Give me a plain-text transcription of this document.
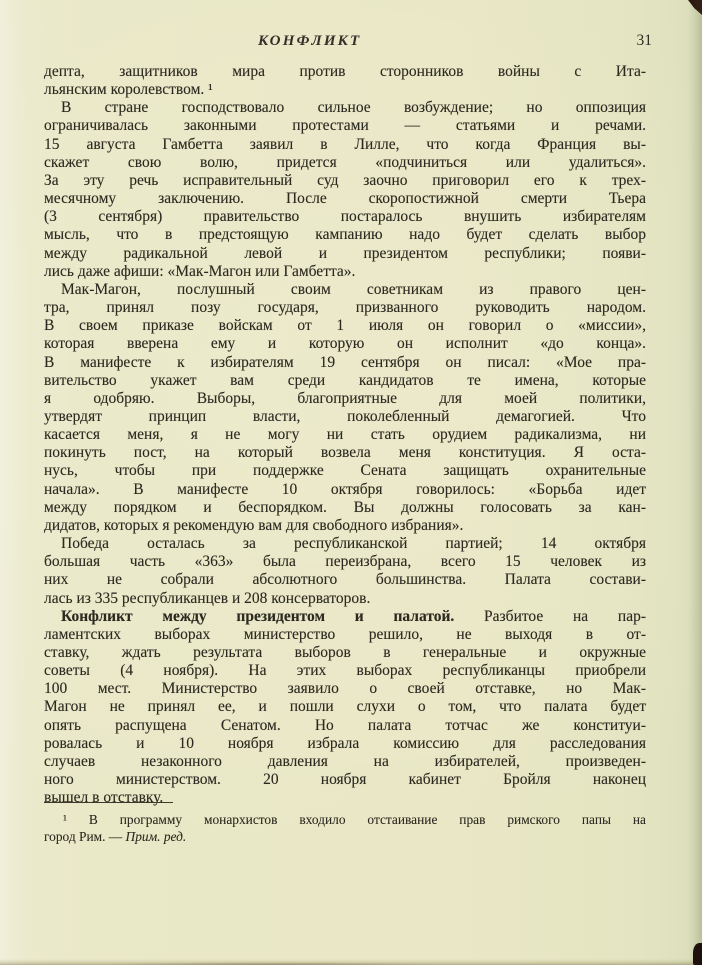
КОНФЛИКТ	31
депта, защитников мира против сторонников войны с Ита-
льянским королевством. ¹
В стране господствовало сильное возбуждение; но оппозиция
ограничивалась законными протестами — статьями и речами.
15 августа Гамбетта заявил в Лилле, что когда Франция вы-
скажет свою волю, придется «подчиниться или удалиться».
За эту речь исправительный суд заочно приговорил его к трех-
месячному заключению. После скоропостижной смерти Тьера
(3 сентября) правительство постаралось внушить избирателям
мысль, что в предстоящую кампанию надо будет сделать выбор
между радикальной левой и президентом республики; появи-
лись даже афиши: «Мак-Магон или Гамбетта».
Мак-Магон, послушный своим советникам из правого цен-
тра, принял позу государя, призванного руководить народом.
В своем приказе войскам от 1 июля он говорил о «миссии»,
которая вверена ему и которую он исполнит «до конца».
В манифесте к избирателям 19 сентября он писал: «Мое пра-
вительство укажет вам среди кандидатов те имена, которые
я одобряю. Выборы, благоприятные для моей политики,
утвердят принцип власти, поколебленный демагогией. Что
касается меня, я не могу ни стать орудием радикализма, ни
покинуть пост, на который возвела меня конституция. Я оста-
нусь, чтобы при поддержке Сената защищать охранительные
начала». В манифесте 10 октября говорилось: «Борьба идет
между порядком и беспорядком. Вы должны голосовать за кан-
дидатов, которых я рекомендую вам для свободного избрания».
Победа осталась за республиканской партией; 14 октября
большая часть «363» была переизбрана, всего 15 человек из
них не собрали абсолютного большинства. Палата состави-
лась из 335 республиканцев и 208 консерваторов.
Конфликт между президентом и палатой. Разбитое на пар-
ламентских выборах министерство решило, не выходя в от-
ставку, ждать результата выборов в генеральные и окружные
советы (4 ноября). На этих выборах республиканцы приобрели
100 мест. Министерство заявило о своей отставке, но Мак-
Магон не принял ее, и пошли слухи о том, что палата будет
опять распущена Сенатом. Но палата тотчас же конституи-
ровалась и 10 ноября избрала комиссию для расследования
случаев незаконного давления на избирателей, произведен-
ного министерством. 20 ноября кабинет Бройля наконец
вышел в отставку.
¹ В программу монархистов входило отстаивание прав римского папы на
город Рим. — Прим. ред.
